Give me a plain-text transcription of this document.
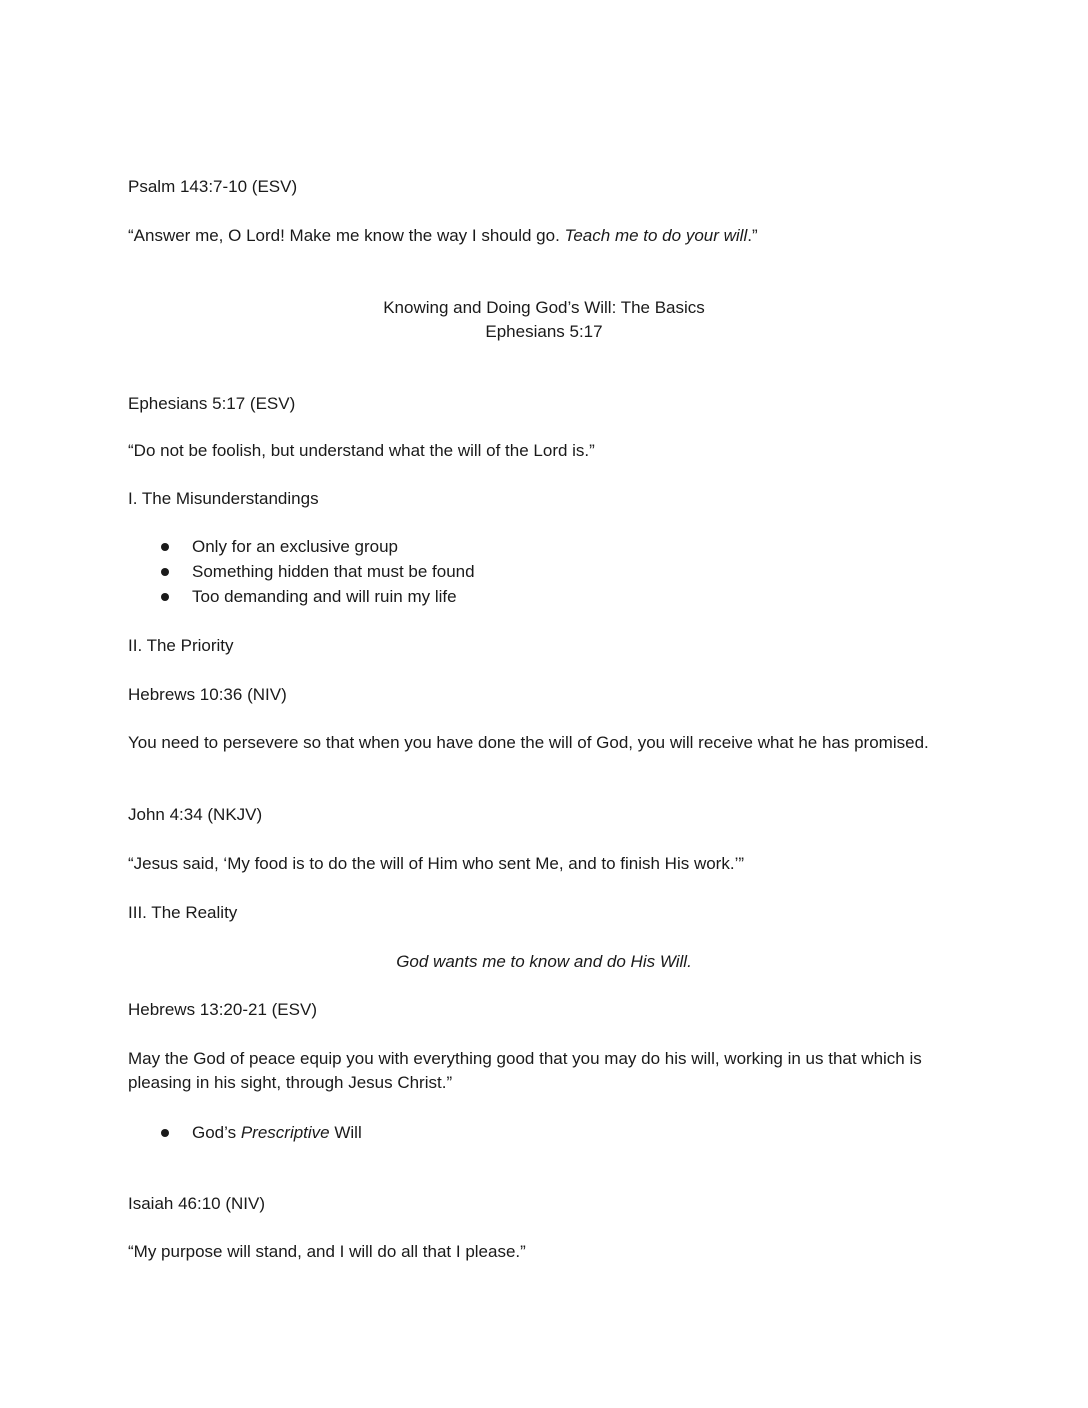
Psalm 143:7-10 (ESV)
“Answer me, O Lord! Make me know the way I should go. Teach me to do your will.”
Knowing and Doing God’s Will: The Basics
Ephesians 5:17
Ephesians 5:17 (ESV)
“Do not be foolish, but understand what the will of the Lord is.”
I. The Misunderstandings
Only for an exclusive group
Something hidden that must be found
Too demanding and will ruin my life
II. The Priority
Hebrews 10:36 (NIV)
You need to persevere so that when you have done the will of God, you will receive what he has promised.
John 4:34 (NKJV)
“Jesus said, ‘My food is to do the will of Him who sent Me, and to finish His work.’”
III. The Reality
God wants me to know and do His Will.
Hebrews 13:20-21 (ESV)
May the God of peace equip you with everything good that you may do his will, working in us that which is pleasing in his sight, through Jesus Christ.”
God’s Prescriptive Will
Isaiah 46:10 (NIV)
“My purpose will stand, and I will do all that I please.”
